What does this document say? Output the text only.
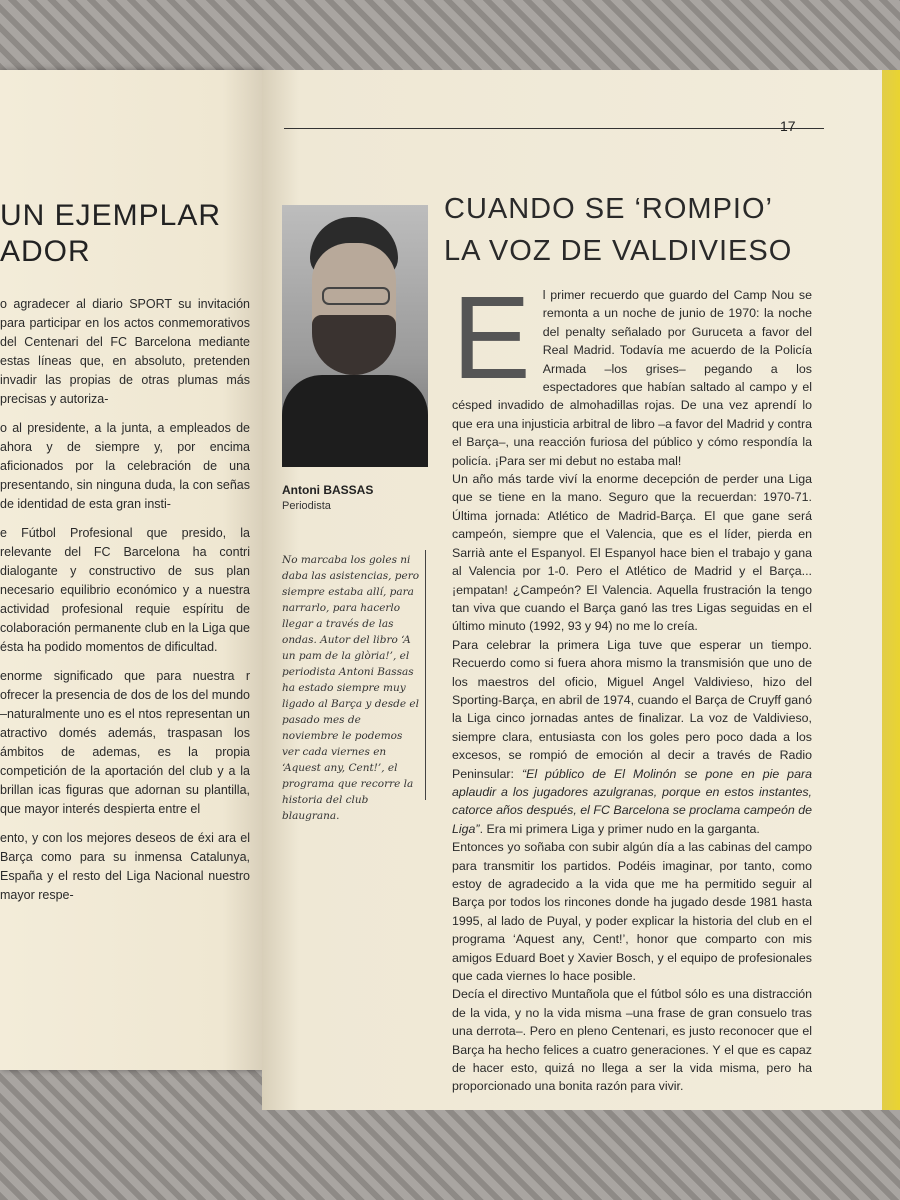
UN EJEMPLAR
ADOR

o agradecer al diario SPORT su invitación para participar en los actos conmemorativos del Centenari del FC Barcelona mediante estas líneas que, en absoluto, pretenden invadir las propias de otras plumas más precisas y autoriza-

o al presidente, a la junta, a empleados de ahora y de siempre y, por encima aficionados por la celebración de una presentando, sin ninguna duda, la con señas de identidad de esta gran insti-

e Fútbol Profesional que presido, la relevante del FC Barcelona ha contri dialogante y constructivo de sus plan necesario equilibrio económico y a nuestra actividad profesional requie espíritu de colaboración permanente club en la Liga que ésta ha podido momentos de dificultad.

enorme significado que para nuestra r ofrecer la presencia de dos de los del mundo –naturalmente uno es el ntos representan un atractivo domés además, traspasan los ámbitos de ademas, es la propia competición de la aportación del club y a la brillan icas figuras que adornan su plantilla, que mayor interés despierta entre el

ento, y con los mejores deseos de éxi ara el Barça como para su inmensa Catalunya, España y el resto del Liga Nacional nuestro mayor respe-

17
Antoni BASSAS
Periodista
No marcaba los goles ni daba las asistencias, pero siempre estaba allí, para narrarlo, para hacerlo llegar a través de las ondas. Autor del libro ‘A un pam de la glòria!’, el periodista Antoni Bassas ha estado siempre muy ligado al Barça y desde el pasado mes de noviembre le podemos ver cada viernes en ‘Aquest any, Cent!’, el programa que recorre la historia del club blaugrana.
CUANDO SE ‘ROMPIO’
LA VOZ DE VALDIVIESO
E l primer recuerdo que guardo del Camp Nou se remonta a un noche de junio de 1970: la noche del penalty señalado por Guruceta a favor del Real Madrid. Todavía me acuerdo de la Policía Armada –los grises– pegando a los espectadores que habían saltado al campo y el césped invadido de almohadillas rojas. De una vez aprendí lo que era una injusticia arbitral de libro –a favor del Madrid y contra el Barça–, una reacción furiosa del público y cómo respondía la policía. ¡Para ser mi debut no estaba mal!

Un año más tarde viví la enorme decepción de perder una Liga que se tiene en la mano. Seguro que la recuerdan: 1970-71. Última jornada: Atlético de Madrid-Barça. El que gane será campeón, siempre que el Valencia, que es el líder, pierda en Sarrià ante el Espanyol. El Espanyol hace bien el trabajo y gana al Valencia por 1-0. Pero el Atlético de Madrid y el Barça... ¡empatan! ¿Campeón? El Valencia. Aquella frustración la tengo tan viva que cuando el Barça ganó las tres Ligas seguidas en el último minuto (1992, 93 y 94) no me lo creía.

Para celebrar la primera Liga tuve que esperar un tiempo. Recuerdo como si fuera ahora mismo la transmisión que uno de los maestros del oficio, Miguel Angel Valdivieso, hizo del Sporting-Barça, en abril de 1974, cuando el Barça de Cruyff ganó la Liga cinco jornadas antes de finalizar. La voz de Valdivieso, siempre clara, entusiasta con los goles pero poco dada a los excesos, se rompió de emoción al decir a través de Radio Peninsular: “El público de El Molinón se pone en pie para aplaudir a los jugadores azulgranas, porque en estos instantes, catorce años después, el FC Barcelona se proclama campeón de Liga”. Era mi primera Liga y primer nudo en la garganta.

Entonces yo soñaba con subir algún día a las cabinas del campo para transmitir los partidos. Podéis imaginar, por tanto, como estoy de agradecido a la vida que me ha permitido seguir al Barça por todos los rincones donde ha jugado desde 1981 hasta 1995, al lado de Puyal, y poder explicar la historia del club en el programa ‘Aquest any, Cent!’, honor que comparto con mis amigos Eduard Boet y Xavier Bosch, y el equipo de profesionales que cada viernes lo hace posible.

Decía el directivo Muntañola que el fútbol sólo es una distracción de la vida, y no la vida misma –una frase de gran consuelo tras una derrota–. Pero en pleno Centenari, es justo reconocer que el Barça ha hecho felices a cuatro generaciones. Y el que es capaz de hacer esto, quizá no llega a ser la vida misma, pero ha proporcionado una bonita razón para vivir.
